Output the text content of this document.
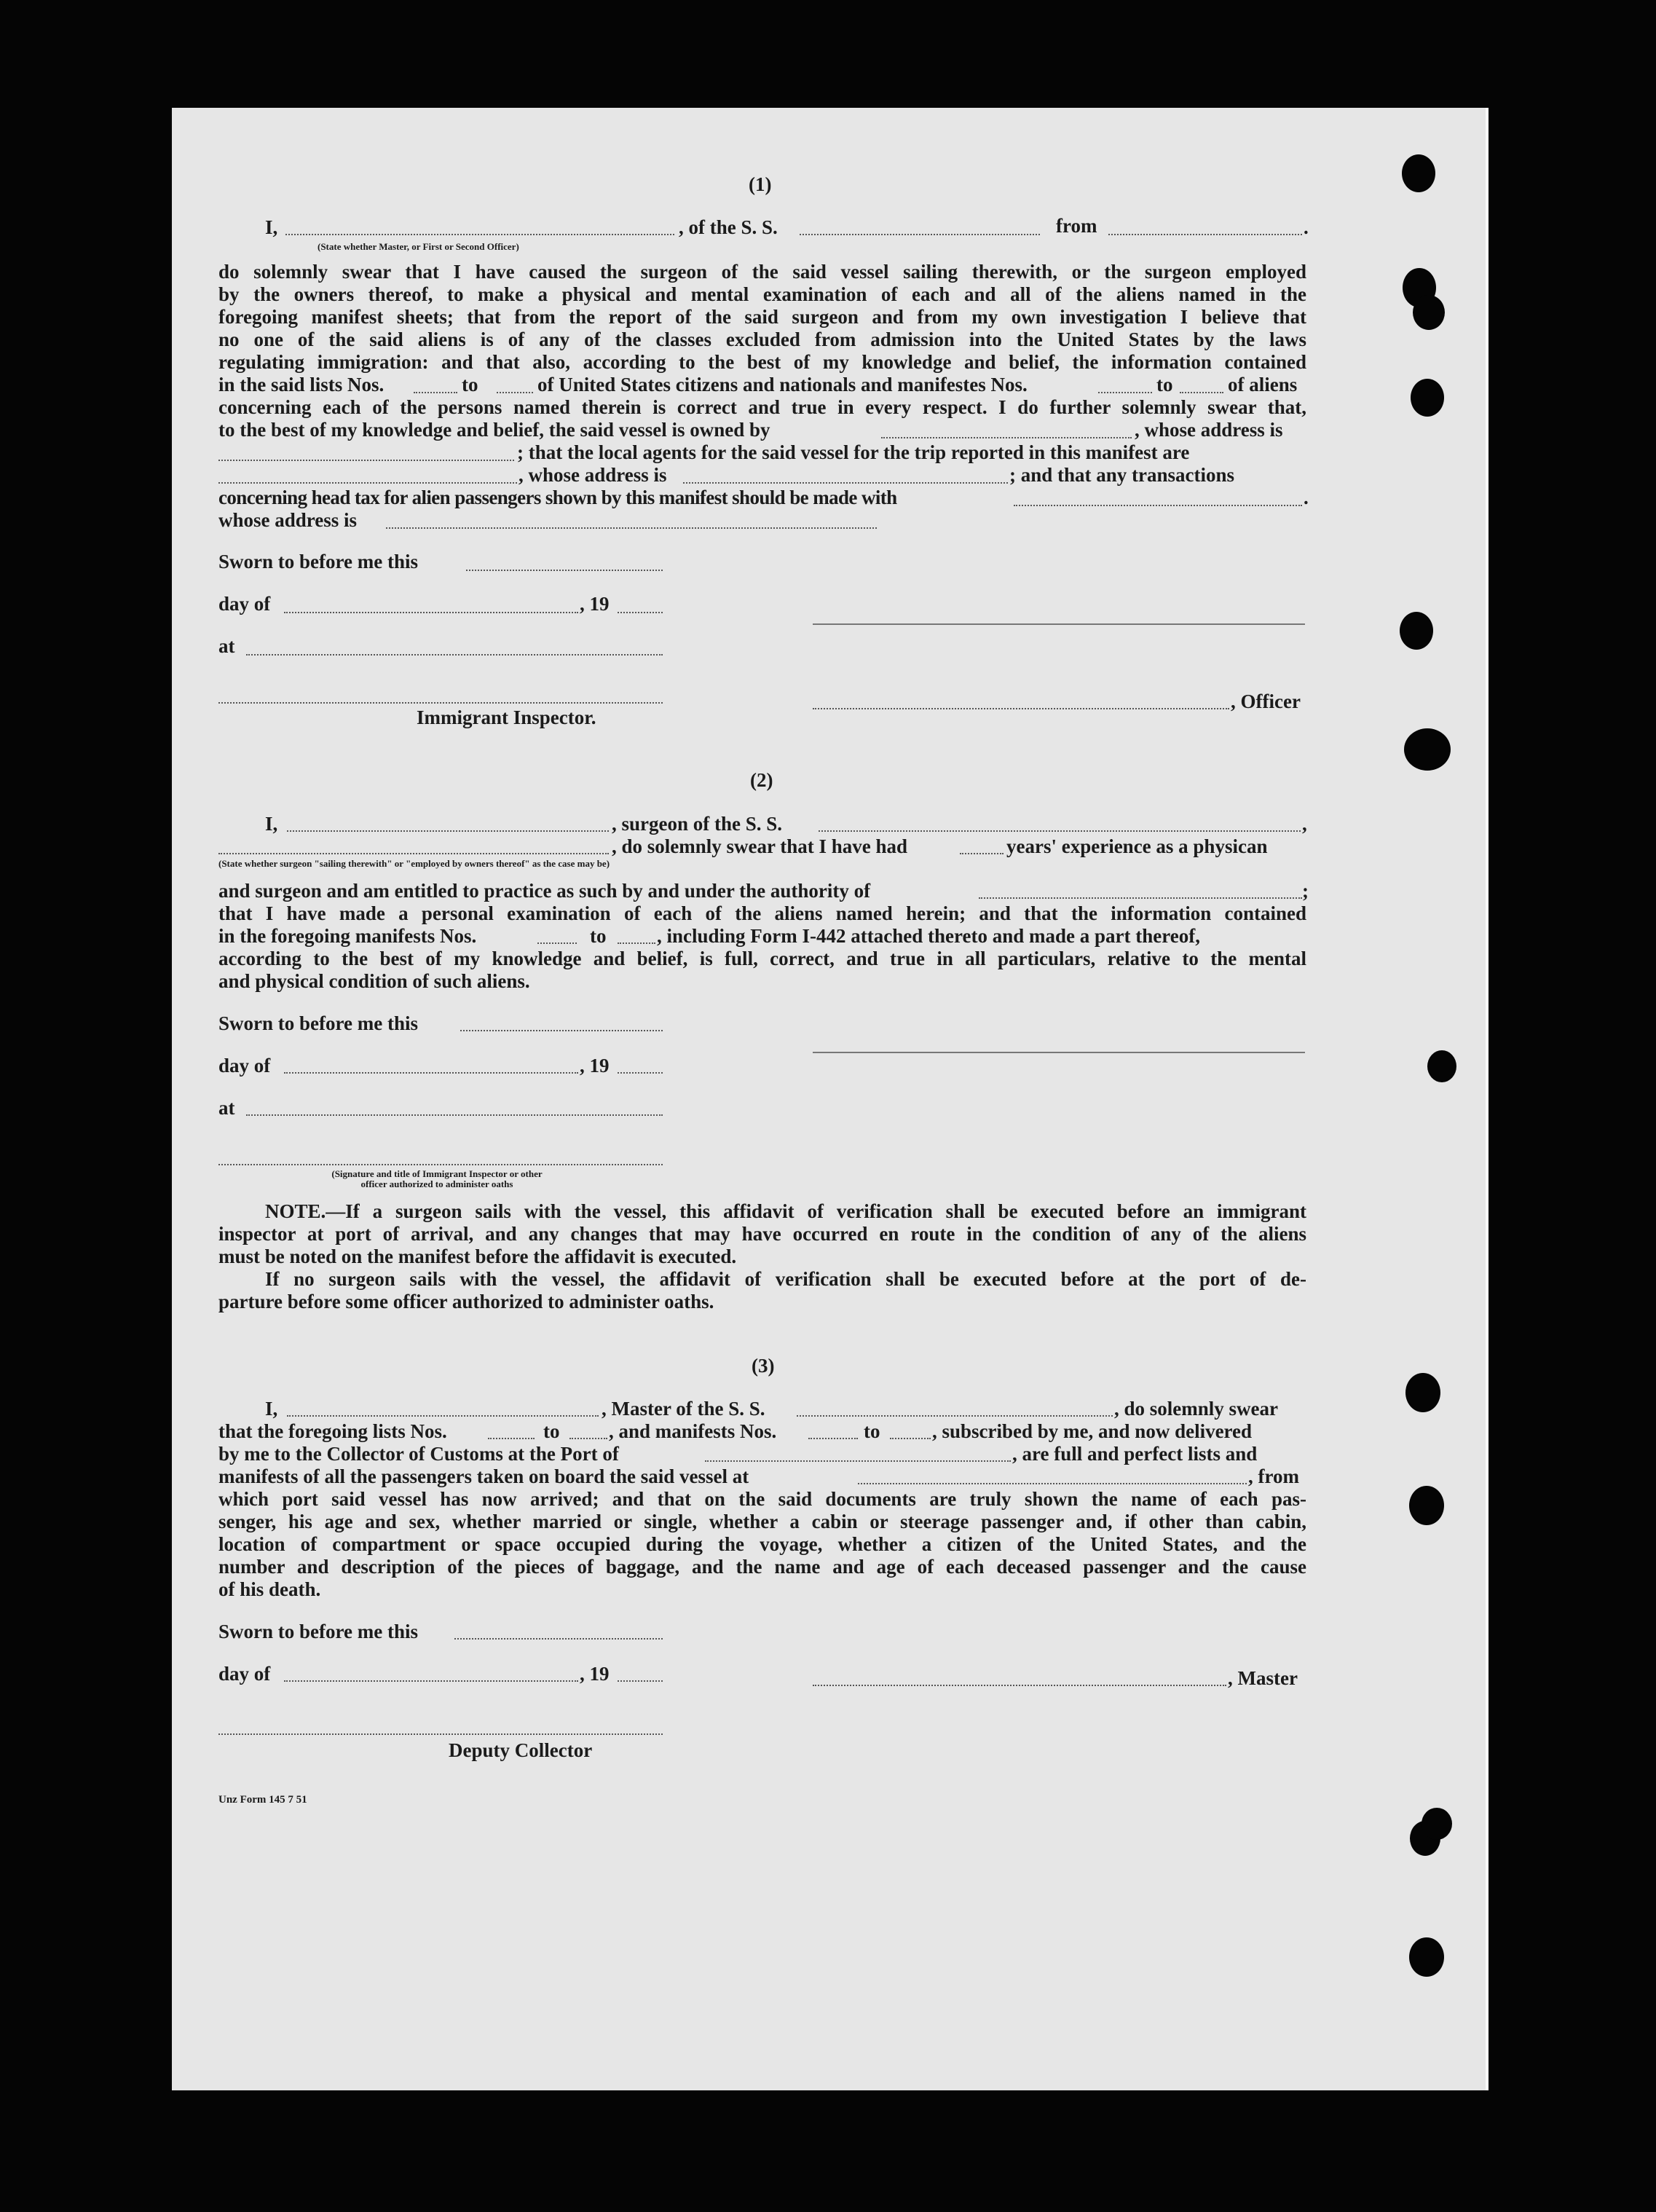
(1)
I,	, of the S. S.	from	.
(State whether Master, or First or Second Officer)
do solemnly swear that I have caused the surgeon of the said vessel sailing therewith, or the surgeon employed
by the owners thereof, to make a physical and mental examination of each and all of the aliens named in the
foregoing manifest sheets; that from the report of the said surgeon and from my own investigation I believe that
no one of the said aliens is of any of the classes excluded from admission into the United States by the laws
regulating immigration: and that also, according to the best of my knowledge and belief, the information contained
in the said lists Nos.	to	of United States citizens and nationals and manifestes Nos.	to	of aliens
concerning each of the persons named therein is correct and true in every respect. I do further solemnly swear that,
to the best of my knowledge and belief, the said vessel is owned by	, whose address is
; that the local agents for the said vessel for the trip reported in this manifest are
, whose address is	; and that any transactions
concerning head tax for alien passengers shown by this manifest should be made with	.
whose address is
Sworn to before me this
day of	, 19
at
, Officer
Immigrant Inspector.
(2)
I,	, surgeon of the S. S.	,
, do solemnly swear that I have had	years' experience as a physican
(State whether surgeon "sailing therewith" or "employed by owners thereof" as the case may be)
and surgeon and am entitled to practice as such by and under the authority of	;
that I have made a personal examination of each of the aliens named herein; and that the information contained
in the foregoing manifests Nos.	to	, including Form I-442 attached thereto and made a part thereof,
according to the best of my knowledge and belief, is full, correct, and true in all particulars, relative to the mental
and physical condition of such aliens.
Sworn to before me this
day of	, 19
at
(Signature and title of Immigrant Inspector or other
officer authorized to administer oaths
NOTE.—If a surgeon sails with the vessel, this affidavit of verification shall be executed before an immigrant
inspector at port of arrival, and any changes that may have occurred en route in the condition of any of the aliens
must be noted on the manifest before the affidavit is executed.
If no surgeon sails with the vessel, the affidavit of verification shall be executed before at the port of de-
parture before some officer authorized to administer oaths.
(3)
I,	, Master of the S. S.	, do solemnly swear
that the foregoing lists Nos.	to	, and manifests Nos.	to	, subscribed by me, and now delivered
by me to the Collector of Customs at the Port of	, are full and perfect lists and
manifests of all the passengers taken on board the said vessel at	, from
which port said vessel has now arrived; and that on the said documents are truly shown the name of each pas-
senger, his age and sex, whether married or single, whether a cabin or steerage passenger and, if other than cabin,
location of compartment or space occupied during the voyage, whether a citizen of the United States, and the
number and description of the pieces of baggage, and the name and age of each deceased passenger and the cause
of his death.
Sworn to before me this
day of	, 19	, Master
Deputy Collector
Unz Form 145 7 51
